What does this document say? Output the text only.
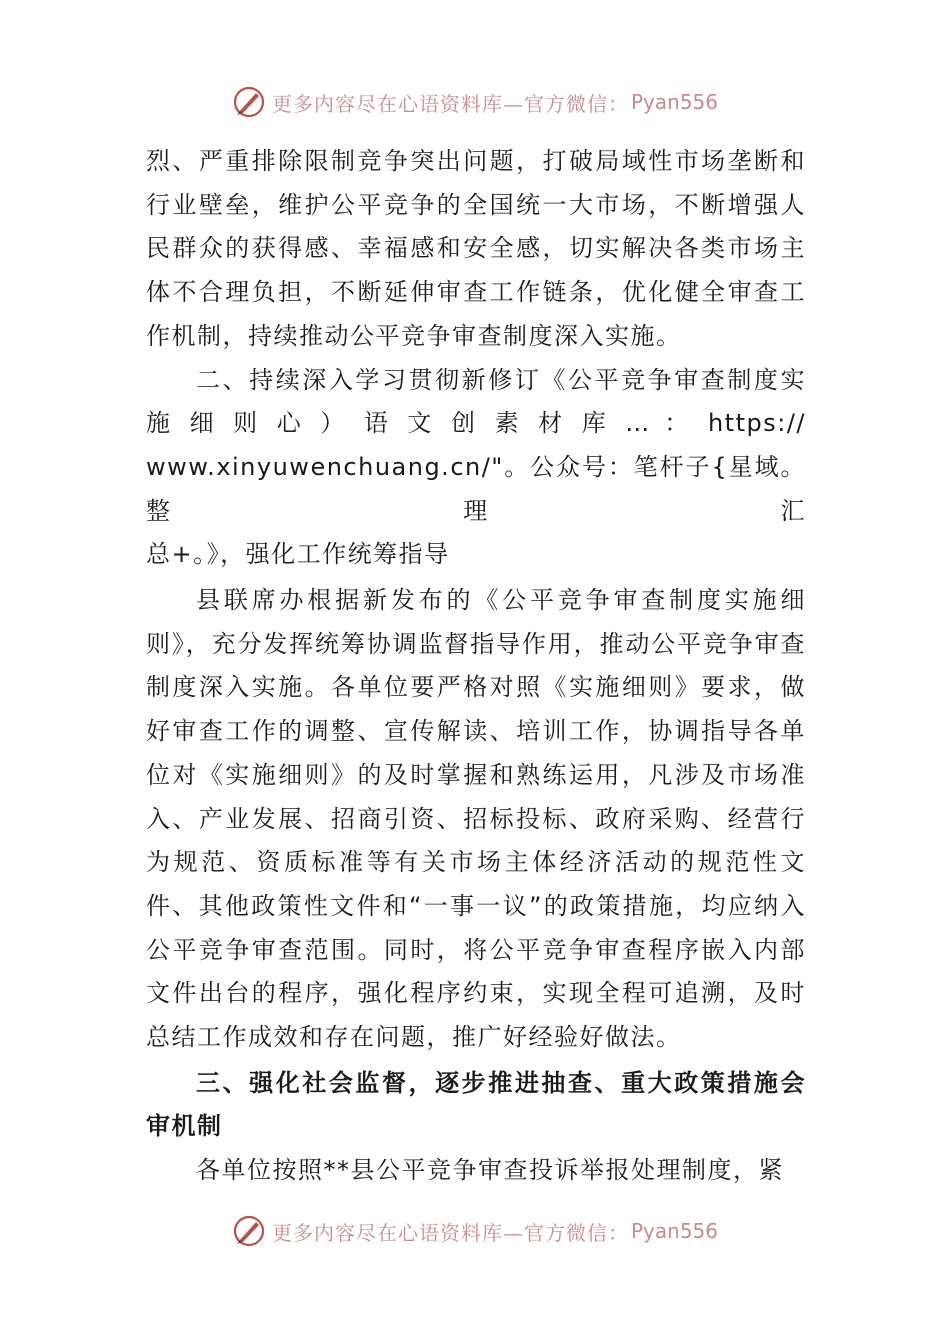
更多内容尽在心语资料库—官方微信： Pyan556

烈、严重排除限制竞争突出问题，打破局域性市场垄断和行业壁垒，维护公平竞争的全国统一大市场，不断增强人民群众的获得感、幸福感和安全感，切实解决各类市场主体不合理负担，不断延伸审查工作链条，优化健全审查工作机制，持续推动公平竞争审查制度深入实施。

二、持续深入学习贯彻新修订《公平竞争审查制度实
施 细 则 心 ） 语 文 创 素 材 库 … ： https://
www.xinyuwenchuang.cn/"。公众号：笔杆子{星域。整理汇
总+。》，强化工作统筹指导

县联席办根据新发布的《公平竞争审查制度实施细则》，充分发挥统筹协调监督指导作用，推动公平竞争审查制度深入实施。各单位要严格对照《实施细则》要求，做好审查工作的调整、宣传解读、培训工作，协调指导各单位对《实施细则》的及时掌握和熟练运用，凡涉及市场准入、产业发展、招商引资、招标投标、政府采购、经营行为规范、资质标准等有关市场主体经济活动的规范性文件、其他政策性文件和“一事一议”的政策措施，均应纳入公平竞争审查范围。同时，将公平竞争审查程序嵌入内部文件出台的程序，强化程序约束，实现全程可追溯，及时总结工作成效和存在问题，推广好经验好做法。

三、强化社会监督，逐步推进抽查、重大政策措施会审机制

各单位按照**县公平竞争审查投诉举报处理制度，紧

更多内容尽在心语资料库—官方微信： Pyan556
